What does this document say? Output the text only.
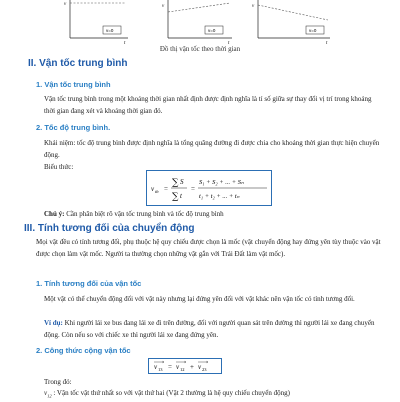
v
t
v=0
v
t
v=0
v
t
v=0
Đồ thị vận tốc theo thời gian
II. Vận tốc trung bình
1. Vận tốc trung bình
Vận tốc trung bình trong một khoảng thời gian nhất định được định nghĩa là tỉ số giữa sự thay đổi vị trí trong khoảng thời gian đang xét và khoảng thời gian đó.
2. Tốc độ trung bình.
Khái niệm: tốc độ trung bình được định nghĩa là tổng quãng đường đi được chia cho khoảng thời gian thực hiện chuyển động.
Biểu thức:
v tb =
∑ S
∑ t
=
S₁ + S₂ + ... + Sₙ
t₁ + t₂ + ... + tₙ
Chú ý: Cần phân biệt rõ vận tốc trung bình và tốc độ trung bình
III. Tính tương đối của chuyển động
Mọi vật đều có tính tương đối, phụ thuộc hệ quy chiếu được chọn là mốc (vật chuyển động hay đứng yên tùy thuộc vào vật được chọn làm vật mốc. Người ta thường chọn những vật gắn với Trái Đất làm vật mốc).
1. Tính tương đối của vận tốc
Một vật có thể chuyển động đối với vật này nhưng lại đứng yên đối với vật khác nên vận tốc có tính tương đối.
Ví dụ: Khi người lái xe bus đang lái xe đi trên đường, đối với người quan sát trên đường thì người lái xe đang chuyển động. Còn nếu so với chiếc xe thì người lái xe đang đứng yên.
2. Công thức cộng vận tốc
v 13 = v 12 + v 23
Trong đó:
$v_{12}$ : Vận tốc vật thứ nhất so với vật thứ hai (Vật 2 thường là hệ quy chiếu chuyển động)
